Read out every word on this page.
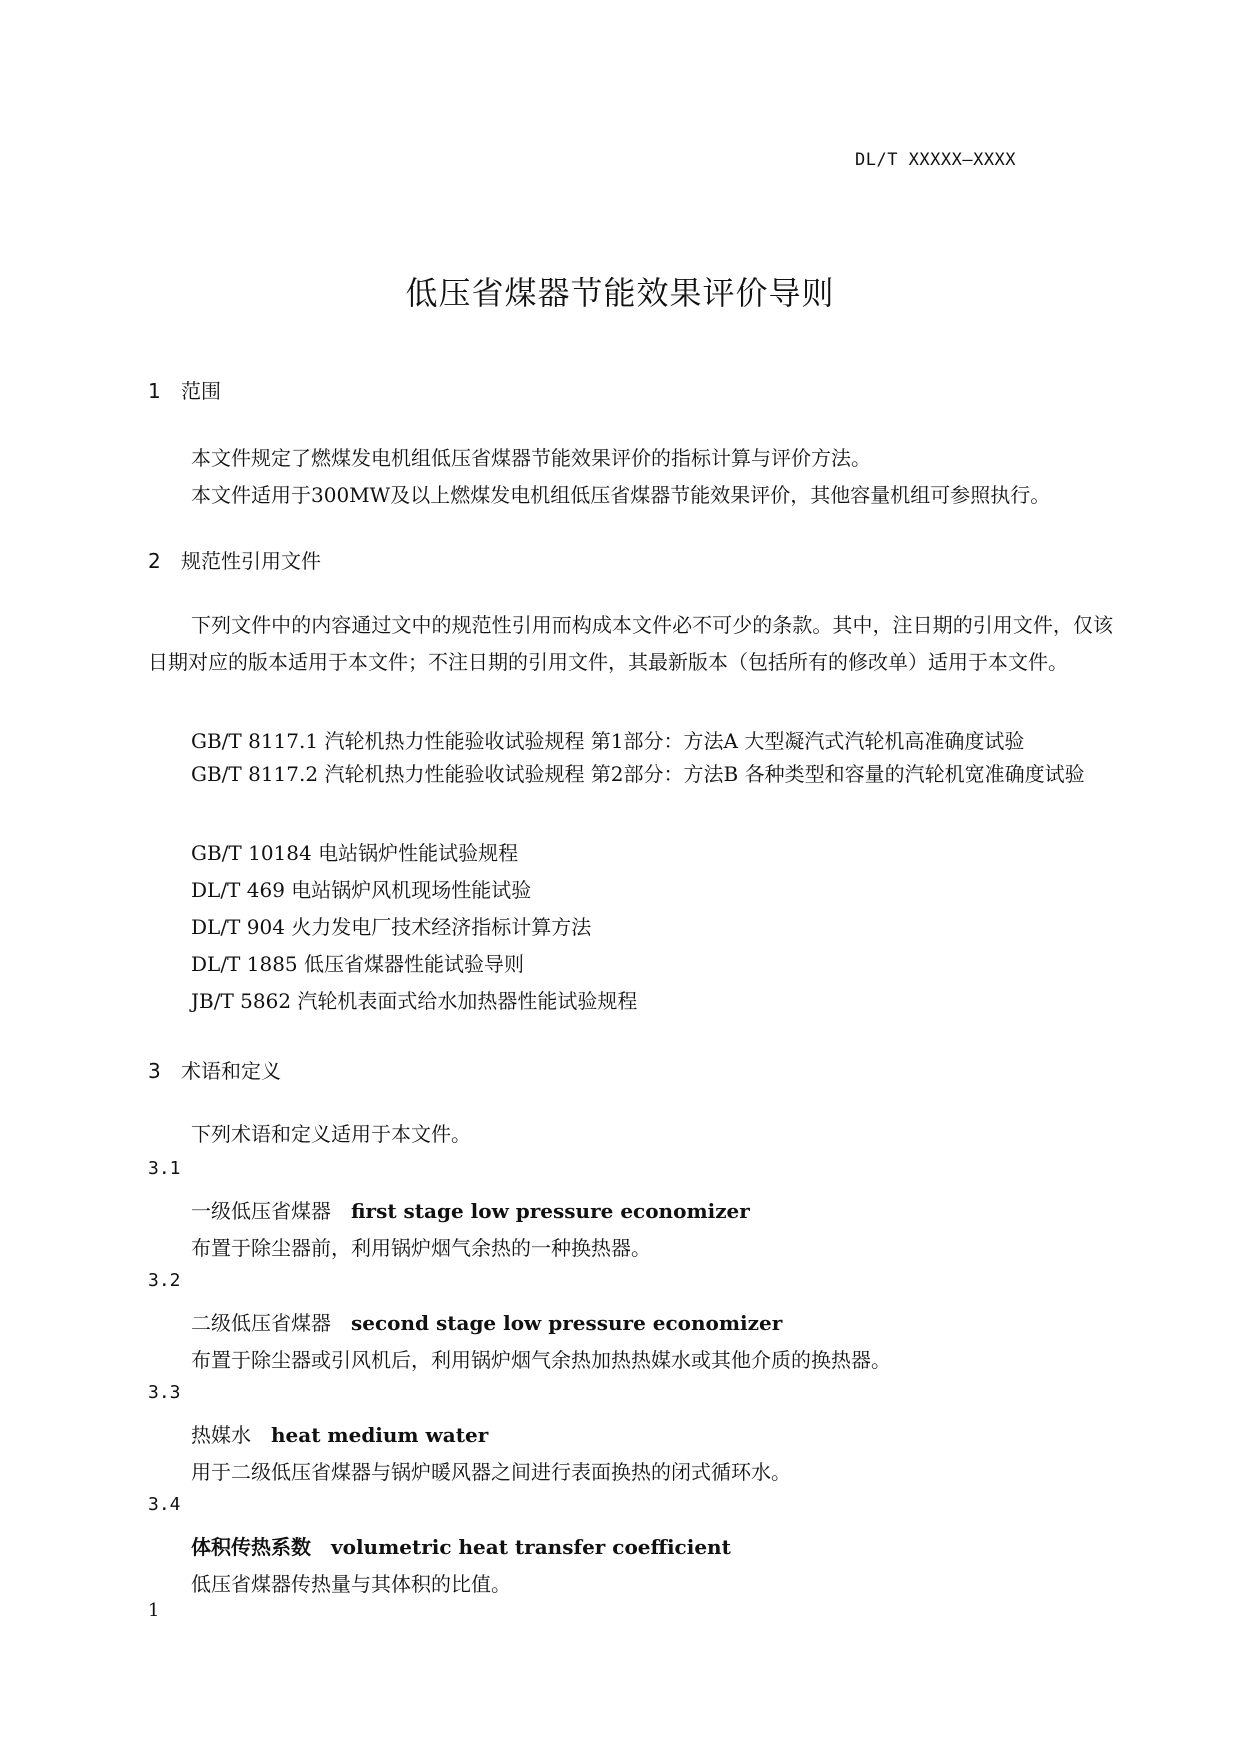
DL/T XXXXX—XXXX
低压省煤器节能效果评价导则
1 范围
本文件规定了燃煤发电机组低压省煤器节能效果评价的指标计算与评价方法。
本文件适用于300MW及以上燃煤发电机组低压省煤器节能效果评价，其他容量机组可参照执行。
2 规范性引用文件
下列文件中的内容通过文中的规范性引用而构成本文件必不可少的条款。其中，注日期的引用文件，仅该日期对应的版本适用于本文件；不注日期的引用文件，其最新版本（包括所有的修改单）适用于本文件。
GB/T 8117.1 汽轮机热力性能验收试验规程 第1部分：方法A 大型凝汽式汽轮机高准确度试验
GB/T 8117.2 汽轮机热力性能验收试验规程 第2部分：方法B 各种类型和容量的汽轮机宽准确度试验
GB/T 10184 电站锅炉性能试验规程
DL/T 469 电站锅炉风机现场性能试验
DL/T 904 火力发电厂技术经济指标计算方法
DL/T 1885 低压省煤器性能试验导则
JB/T 5862 汽轮机表面式给水加热器性能试验规程
3 术语和定义
下列术语和定义适用于本文件。
3.1
一级低压省煤器 first stage low pressure economizer
布置于除尘器前，利用锅炉烟气余热的一种换热器。
3.2
二级低压省煤器 second stage low pressure economizer
布置于除尘器或引风机后，利用锅炉烟气余热加热热媒水或其他介质的换热器。
3.3
热媒水 heat medium water
用于二级低压省煤器与锅炉暖风器之间进行表面换热的闭式循环水。
3.4
体积传热系数 volumetric heat transfer coefficient
低压省煤器传热量与其体积的比值。
1
